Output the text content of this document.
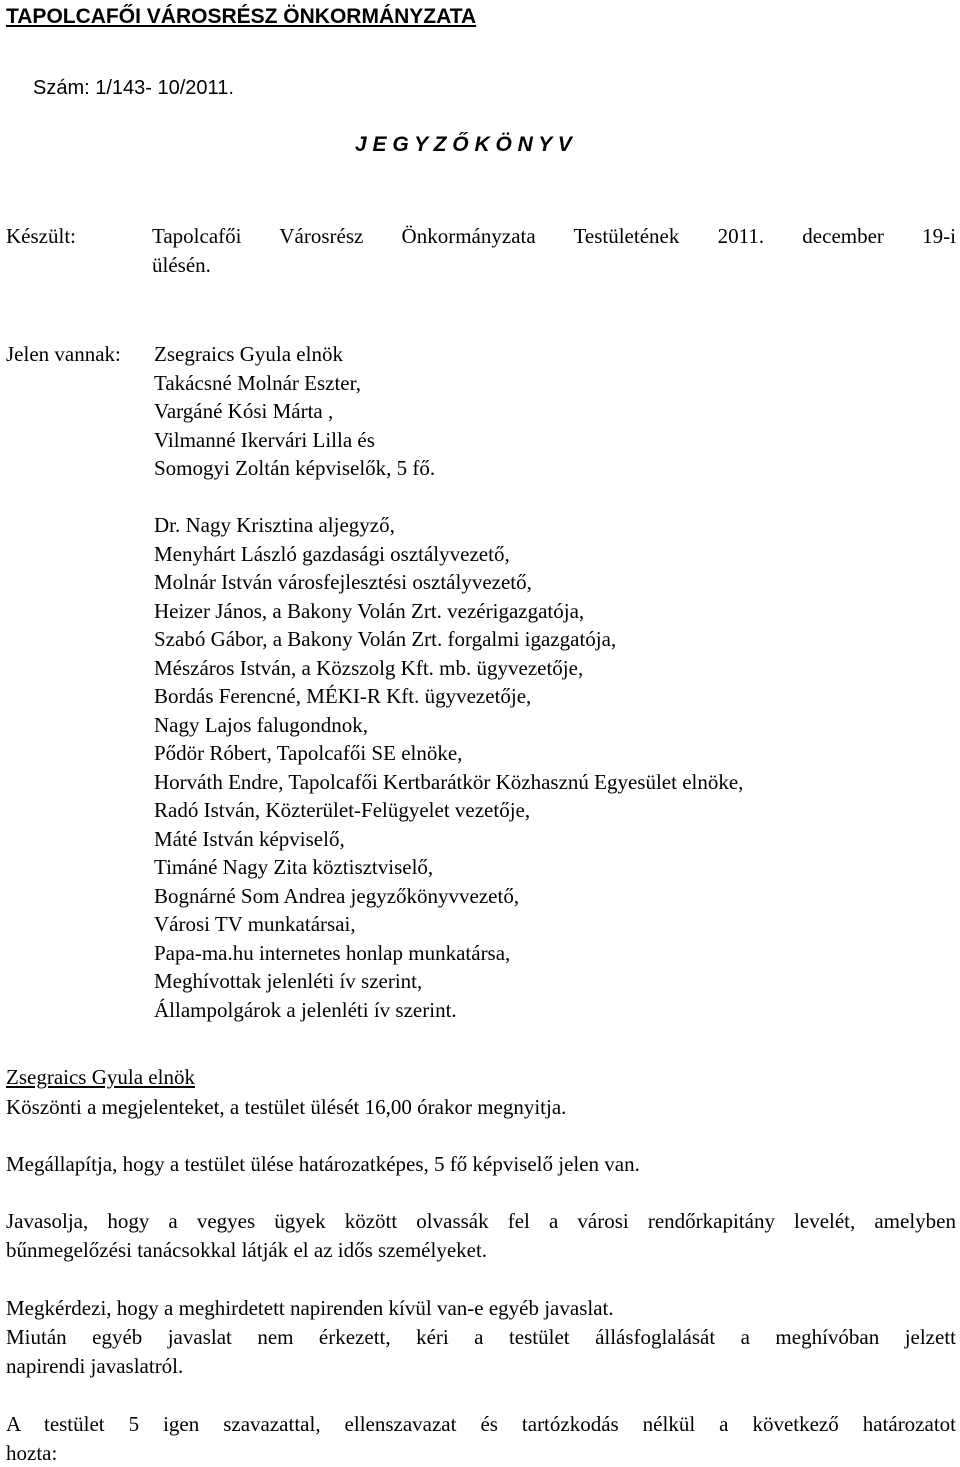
TAPOLCAFŐI VÁROSRÉSZ ÖNKORMÁNYZATA
Szám: 1/143- 10/2011.
J E G Y Z Ő K Ö N Y V
Készült:	Tapolcafői Városrész Önkormányzata Testületének 2011. december 19-i
ülésén.
Jelen vannak: Zsegraics Gyula elnök
Takácsné Molnár Eszter,
Vargáné Kósi Márta ,
Vilmanné Ikervári Lilla és
Somogyi Zoltán képviselők, 5 fő.
Dr. Nagy Krisztina aljegyző,
Menyhárt László gazdasági osztályvezető,
Molnár István városfejlesztési osztályvezető,
Heizer János, a Bakony Volán Zrt. vezérigazgatója,
Szabó Gábor, a Bakony Volán Zrt. forgalmi igazgatója,
Mészáros István, a Közszolg Kft. mb. ügyvezetője,
Bordás Ferencné, MÉKI-R Kft. ügyvezetője,
Nagy Lajos falugondnok,
Pődör Róbert, Tapolcafői SE elnöke,
Horváth Endre, Tapolcafői Kertbarátkör Közhasznú Egyesület elnöke,
Radó István, Közterület-Felügyelet vezetője,
Máté István képviselő,
Timáné Nagy Zita köztisztviselő,
Bognárné Som Andrea jegyzőkönyvvezető,
Városi TV munkatársai,
Papa-ma.hu internetes honlap munkatársa,
Meghívottak jelenléti ív szerint,
Állampolgárok a jelenléti ív szerint.
Zsegraics Gyula elnök
Köszönti a megjelenteket, a testület ülését 16,00 órakor megnyitja.
Megállapítja, hogy a testület ülése határozatképes, 5 fő képviselő jelen van.
Javasolja, hogy a vegyes ügyek között olvassák fel a városi rendőrkapitány levelét, amelyben
bűnmegelőzési tanácsokkal látják el az idős személyeket.
Megkérdezi, hogy a meghirdetett napirenden kívül van-e egyéb javaslat.
Miután egyéb javaslat nem érkezett, kéri a testület állásfoglalását a meghívóban jelzett
napirendi javaslatról.
A testület 5 igen szavazattal, ellenszavazat és tartózkodás nélkül a következő határozatot
hozta:
